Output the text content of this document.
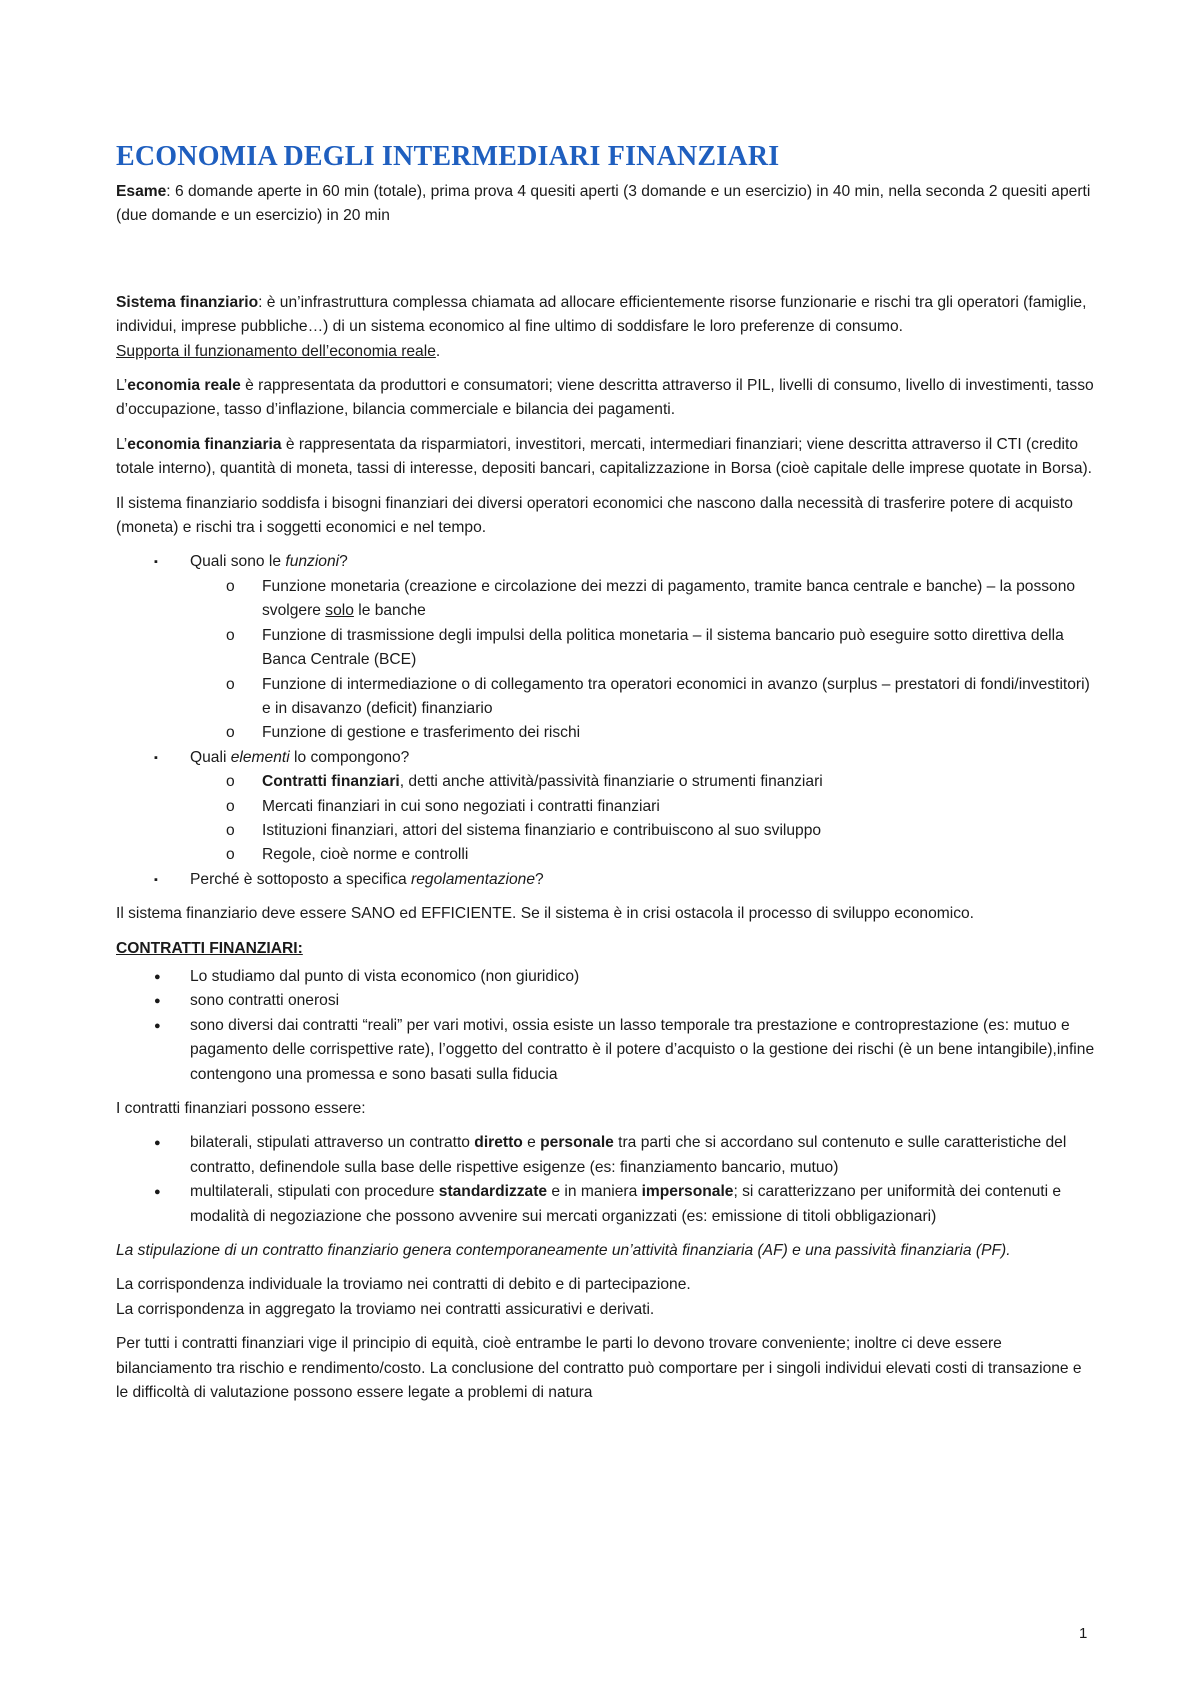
ECONOMIA DEGLI INTERMEDIARI FINANZIARI

Esame: 6 domande aperte in 60 min (totale), prima prova 4 quesiti aperti (3 domande e un esercizio) in 40 min, nella seconda 2 quesiti aperti (due domande e un esercizio) in 20 min

Sistema finanziario: è un’infrastruttura complessa chiamata ad allocare efficientemente risorse funzionarie e rischi tra gli operatori (famiglie, individui, imprese pubbliche…) di un sistema economico al fine ultimo di soddisfare le loro preferenze di consumo.
Supporta il funzionamento dell’economia reale.

L’economia reale è rappresentata da produttori e consumatori; viene descritta attraverso il PIL, livelli di consumo, livello di investimenti, tasso d’occupazione, tasso d’inflazione, bilancia commerciale e bilancia dei pagamenti.

L’economia finanziaria è rappresentata da risparmiatori, investitori, mercati, intermediari finanziari; viene descritta attraverso il CTI (credito totale interno), quantità di moneta, tassi di interesse, depositi bancari, capitalizzazione in Borsa (cioè capitale delle imprese quotate in Borsa).

Il sistema finanziario soddisfa i bisogni finanziari dei diversi operatori economici che nascono dalla necessità di trasferire potere di acquisto (moneta) e rischi tra i soggetti economici e nel tempo.

▪	Quali sono le funzioni?
o	Funzione monetaria (creazione e circolazione dei mezzi di pagamento, tramite banca centrale e banche) – la possono svolgere solo le banche
o	Funzione di trasmissione degli impulsi della politica monetaria – il sistema bancario può eseguire sotto direttiva della Banca Centrale (BCE)
o	Funzione di intermediazione o di collegamento tra operatori economici in avanzo (surplus – prestatori di fondi/investitori) e in disavanzo (deficit) finanziario
o	Funzione di gestione e trasferimento dei rischi
▪	Quali elementi lo compongono?
o	Contratti finanziari, detti anche attività/passività finanziarie o strumenti finanziari
o	Mercati finanziari in cui sono negoziati i contratti finanziari
o	Istituzioni finanziari, attori del sistema finanziario e contribuiscono al suo sviluppo
o	Regole, cioè norme e controlli
▪	Perché è sottoposto a specifica regolamentazione?

Il sistema finanziario deve essere SANO ed EFFICIENTE. Se il sistema è in crisi ostacola il processo di sviluppo economico.

CONTRATTI FINANZIARI:

●	Lo studiamo dal punto di vista economico (non giuridico)
●	sono contratti onerosi
●	sono diversi dai contratti “reali” per vari motivi, ossia esiste un lasso temporale tra prestazione e controprestazione (es: mutuo e pagamento delle corrispettive rate), l’oggetto del contratto è il potere d’acquisto o la gestione dei rischi (è un bene intangibile),infine contengono una promessa e sono basati sulla fiducia

I contratti finanziari possono essere:

●	bilaterali, stipulati attraverso un contratto diretto e personale tra parti che si accordano sul contenuto e sulle caratteristiche del contratto, definendole sulla base delle rispettive esigenze (es: finanziamento bancario, mutuo)
●	multilaterali, stipulati con procedure standardizzate e in maniera impersonale; si caratterizzano per uniformità dei contenuti e modalità di negoziazione che possono avvenire sui mercati organizzati (es: emissione di titoli obbligazionari)

La stipulazione di un contratto finanziario genera contemporaneamente un’attività finanziaria (AF) e una passività finanziaria (PF).

La corrispondenza individuale la troviamo nei contratti di debito e di partecipazione.
La corrispondenza in aggregato la troviamo nei contratti assicurativi e derivati.

Per tutti i contratti finanziari vige il principio di equità, cioè entrambe le parti lo devono trovare conveniente; inoltre ci deve essere bilanciamento tra rischio e rendimento/costo. La conclusione del contratto può comportare per i singoli individui elevati costi di transazione e le difficoltà di valutazione possono essere legate a problemi di natura

1
